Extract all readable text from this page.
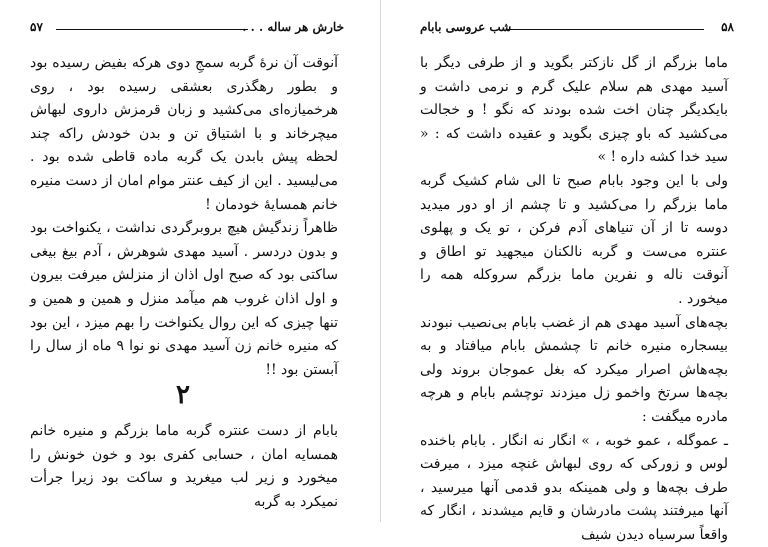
۵۷	خارش هر ساله . . .

آنوقت آن نرهٔ گربه سمجِ دوی هرکه بفیض رسیده بود و بطور رهگذری بعشقی رسیده بود ، روی هرخمیازه‌ای می‌کشید و زبان قرمزش داروی لبهاش میچرخاند و با اشتیاق تن و بدن خودش راکه چند لحظه پیش بابدن یک گربه ماده قاطی شده بود . می‌لیسید . این از کیف عنتر موام امان از دست منیره خانم همسایهٔ خودمان !

ظاهراً زندگیش هیچ بروبرگردی نداشت ، یکنواخت بود و بدون دردسر . آسید مهدی شوهرش ، آدم بیغ بیغی ساکتی بود که صبح اول اذان از منزلش میرفت بیرون و اول اذان غروب هم میآمد منزل و همین و همین و تنها چیزی که این روال یکنواخت را بهم میزد ، این بود که منیره خانم زن آسید مهدی نو نوا ۹ ماه از سال را آبستن بود !!

۲

بابام از دست عنتره گربه ماما بزرگم و منیره خانم همسایه امان ، حسابی کفری بود و خون خونش را میخورد و زیر لب میغرید و ساکت بود زیرا جرأت نمیکرد به گربه

۵۸
شب عروسی بابام

ماما بزرگم از گل نازکتر بگوید و از طرفی دیگر با آسید مهدی هم سلام علیک گرم و نرمی داشت و بایکدیگر چنان اخت شده بودند که نگو ! و خجالت می‌کشید که باو چیزی بگوید و عقیده داشت که : « سید خدا کشه داره ! »

ولی با این وجود بابام صبح تا الی شام کشیک گربه ماما بزرگم را می‌کشید و تا چشم از او دور میدید دوسه تا از آن تنیاهای آدم فرکن ، تو یک و پهلوی عنتره می‌ست و گربه نالکنان میجهید تو اطاق و آنوقت ناله و نفرین ماما بزرگم سروکله همه را میخورد .

بچه‌های آسید مهدی هم از غضب بابام بی‌نصیب نبودند بیسجاره منیره خانم تا چشمش بابام میافتاد و به بچه‌هاش اصرار میکرد که بغل عموجان بروند ولی بچه‌ها سرتخ واخمو زل میزدند توچشم بابام و هرچه مادره میگفت :

ـ عموگله ، عمو خوبه ، » انگار نه انگار . بابام باخنده لوس و زورکی که روی لبهاش غنچه میزد ، میرفت طرف بچه‌ها و ولی همینکه بدو قدمی آنها میرسید ، آنها میرفتند پشت مادرشان و قایم میشدند ، انگار که واقعاً سرسیاه دیدن شیف
